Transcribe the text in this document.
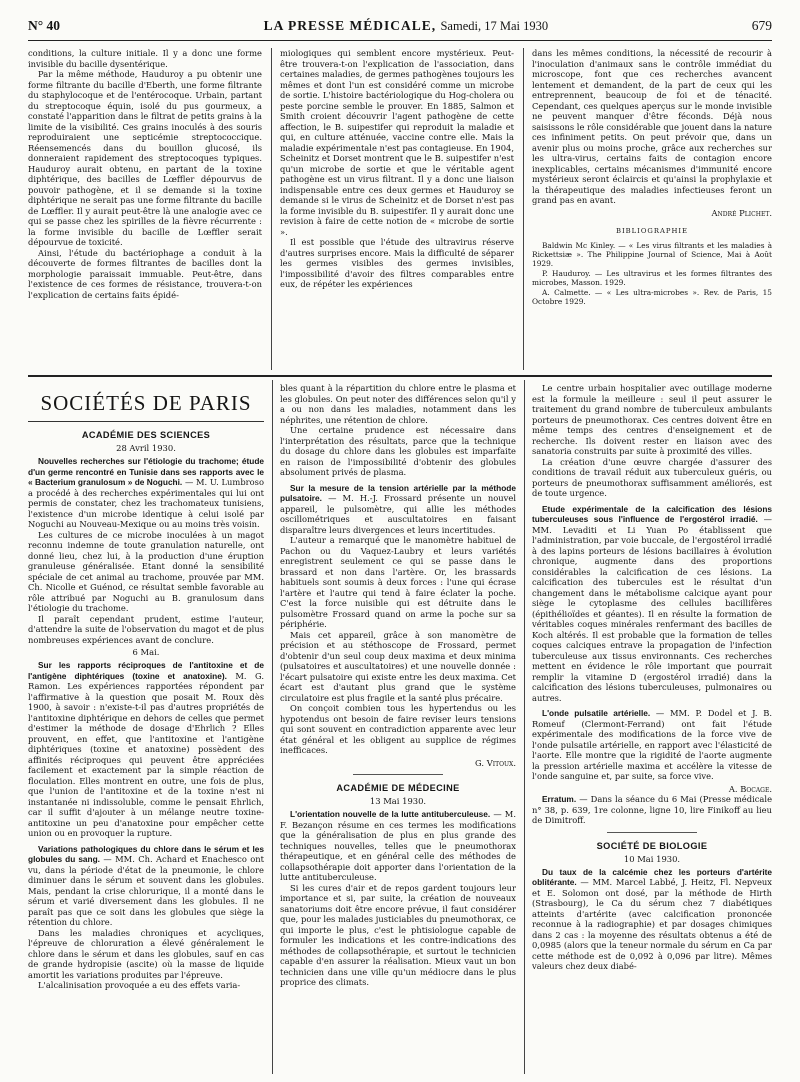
N° 40	LA PRESSE MÉDICALE, Samedi, 17 Mai 1930	679

conditions, la culture initiale. Il y a donc une forme invisible du bacille dysentérique.

Par la même méthode, Hauduroy a pu obtenir une forme filtrante du bacille d'Eberth, une forme filtrante du staphylocoque et de l'entérocoque. Urbain, partant du streptocoque équin, isolé du pus gourmeux, a constaté l'apparition dans le filtrat de petits grains à la limite de la visibilité. Ces grains inoculés à des souris reproduiraient une septicémie streptococcique. Réensemencés dans du bouillon glucosé, ils donneraient rapidement des streptocoques typiques. Hauduroy aurait obtenu, en partant de la toxine diphtérique, des bacilles de Lœffler dépourvus de pouvoir pathogène, et il se demande si la toxine diphtérique ne serait pas une forme filtrante du bacille de Lœffler. Il y aurait peut-être là une analogie avec ce qui se passe chez les spirilles de la fièvre récurrente : la forme invisible du bacille de Lœffler serait dépourvue de toxicité.

Ainsi, l'étude du bactériophage a conduit à la découverte de formes filtrantes de bacilles dont la morphologie paraissait immuable. Peut-être, dans l'existence de ces formes de résistance, trouvera-t-on l'explication de certains faits épidé-

miologiques qui semblent encore mystérieux. Peut-être trouvera-t-on l'explication de l'association, dans certaines maladies, de germes pathogènes toujours les mêmes et dont l'un est considéré comme un microbe de sortie. L'histoire bactériologique du Hog-cholera ou peste porcine semble le prouver. En 1885, Salmon et Smith croient découvrir l'agent pathogène de cette affection, le B. suipestifer qui reproduit la maladie et qui, en culture atténuée, vaccine contre elle. Mais la maladie expérimentale n'est pas contagieuse. En 1904, Scheinitz et Dorset montrent que le B. suipestifer n'est qu'un microbe de sortie et que le véritable agent pathogène est un virus filtrant. Il y a donc une liaison indispensable entre ces deux germes et Hauduroy se demande si le virus de Scheinitz et de Dorset n'est pas la forme invisible du B. suipestifer. Il y aurait donc une revision à faire de cette notion de « microbe de sortie ».

Il est possible que l'étude des ultravirus réserve d'autres surprises encore. Mais la difficulté de séparer les germes visibles des germes invisibles, l'impossibilité d'avoir des filtres comparables entre eux, de répéter les expériences

dans les mêmes conditions, la nécessité de recourir à l'inoculation d'animaux sans le contrôle immédiat du microscope, font que ces recherches avancent lentement et demandent, de la part de ceux qui les entreprennent, beaucoup de foi et de ténacité. Cependant, ces quelques aperçus sur le monde invisible ne peuvent manquer d'être féconds. Déjà nous saisissons le rôle considérable que jouent dans la nature ces infiniment petits. On peut prévoir que, dans un avenir plus ou moins proche, grâce aux recherches sur les ultra-virus, certains faits de contagion encore inexplicables, certains mécanismes d'immunité encore mystérieux seront éclaircis et qu'ainsi la prophylaxie et la thérapeutique des maladies infectieuses feront un grand pas en avant.

André Plichet.

BIBLIOGRAPHIE

Baldwin Mc Kinley. — « Les virus filtrants et les maladies à Rickettsiæ ». The Philippine Journal of Science, Mai à Août 1929.

P. Hauduroy. — Les ultravirus et les formes filtrantes des microbes, Masson. 1929.

A. Calmette. — « Les ultra-microbes ». Rev. de Paris, 15 Octobre 1929.

SOCIÉTÉS DE PARIS
ACADÉMIE DES SCIENCES
28 Avril 1930.

Nouvelles recherches sur l'étiologie du trachome; étude d'un germe rencontré en Tunisie dans ses rapports avec le « Bacterium granulosum » de Noguchi. — M. U. Lumbroso a procédé à des recherches expérimentales qui lui ont permis de constater, chez les trachomateux tunisiens, l'existence d'un microbe identique à celui isolé par Noguchi au Nouveau-Mexique ou au moins très voisin.

Les cultures de ce microbe inoculées à un magot reconnu indemne de toute granulation naturelle, ont donné lieu, chez lui, à la production d'une éruption granuleuse généralisée. Etant donné la sensibilité spéciale de cet animal au trachome, prouvée par MM. Ch. Nicolle et Guénod, ce résultat semble favorable au rôle attribué par Noguchi au B. granulosum dans l'étiologie du trachome.

Il paraît cependant prudent, estime l'auteur, d'attendre la suite de l'observation du magot et de plus nombreuses expériences avant de conclure.

6 Mai.

Sur les rapports réciproques de l'antitoxine et de l'antigène diphtériques (toxine et anatoxine). M. G. Ramon. Les expériences rapportées répondent par l'affirmative à la question que posait M. Roux dès 1900, à savoir : n'existe-t-il pas d'autres propriétés de l'antitoxine diphtérique en dehors de celles que permet d'estimer la méthode de dosage d'Ehrlich ? Elles prouvent, en effet, que l'antitoxine et l'antigène diphtériques (toxine et anatoxine) possèdent des affinités réciproques qui peuvent être appréciées facilement et exactement par la simple réaction de floculation. Elles montrent en outre, une fois de plus, que l'union de l'antitoxine et de la toxine n'est ni instantanée ni indissoluble, comme le pensait Ehrlich, car il suffit d'ajouter à un mélange neutre toxine-antitoxine un peu d'anatoxine pour empêcher cette union ou en provoquer la rupture.

Variations pathologiques du chlore dans le sérum et les globules du sang. — MM. Ch. Achard et Enachesco ont vu, dans la période d'état de la pneumonie, le chlore diminuer dans le sérum et souvent dans les globules. Mais, pendant la crise chlorurique, il a monté dans le sérum et varié diversement dans les globules. Il ne paraît pas que ce soit dans les globules que siège la rétention du chlore.

Dans les maladies chroniques et acycliques, l'épreuve de chloruration a élevé généralement le chlore dans le sérum et dans les globules, sauf en cas de grande hydropisie (ascite) où la masse de liquide amortit les variations produites par l'épreuve.

L'alcalinisation provoquée a eu des effets varia-

bles quant à la répartition du chlore entre le plasma et les globules. On peut noter des différences selon qu'il y a ou non dans les maladies, notamment dans les néphrites, une rétention de chlore.

Une certaine prudence est nécessaire dans l'interprétation des résultats, parce que la technique du dosage du chlore dans les globules est imparfaite en raison de l'impossibilité d'obtenir des globules absolument privés de plasma.

Sur la mesure de la tension artérielle par la méthode pulsatoire. — M. H.-J. Frossard présente un nouvel appareil, le pulsomètre, qui allie les méthodes oscillométriques et auscultatoires en faisant disparaître leurs divergences et leurs incertitudes.

L'auteur a remarqué que le manomètre habituel de Pachon ou du Vaquez-Laubry et leurs variétés enregistrent seulement ce qui se passe dans le brassard et non dans l'artère. Or, les brassards habituels sont soumis à deux forces : l'une qui écrase l'artère et l'autre qui tend à faire éclater la poche. C'est la force nuisible qui est détruite dans le pulsomètre Frossard quand on arme la poche sur sa périphérie.

Mais cet appareil, grâce à son manomètre de précision et au stéthoscope de Frossard, permet d'obtenir d'un seul coup deux maxima et deux minima (pulsatoires et auscultatoires) et une nouvelle donnée : l'écart pulsatoire qui existe entre les deux maxima. Cet écart est d'autant plus grand que le système circulatoire est plus fragile et la santé plus précaire.

On conçoit combien tous les hypertendus ou les hypotendus ont besoin de faire reviser leurs tensions qui sont souvent en contradiction apparente avec leur état général et les obligent au supplice de régimes inefficaces.

G. Vitoux.

ACADÉMIE DE MÉDECINE
13 Mai 1930.

L'orientation nouvelle de la lutte antituberculeuse. — M. F. Bezançon résume en ces termes les modifications que la généralisation de plus en plus grande des techniques nouvelles, telles que le pneumothorax thérapeutique, et en général celle des méthodes de collapsothérapie doit apporter dans l'orientation de la lutte antituberculeuse.

Si les cures d'air et de repos gardent toujours leur importance et si, par suite, la création de nouveaux sanatoriums doit être encore prévue, il faut considérer que, pour les malades justiciables du pneumothorax, ce qui importe le plus, c'est le phtisiologue capable de formuler les indications et les contre-indications des méthodes de collapsothérapie, et surtout le technicien capable d'en assurer la réalisation. Mieux vaut un bon technicien dans une ville qu'un médiocre dans le plus proprice des climats.

Le centre urbain hospitalier avec outillage moderne est la formule la meilleure : seul il peut assurer le traitement du grand nombre de tuberculeux ambulants porteurs de pneumothorax. Ces centres doivent être en même temps des centres d'enseignement et de recherche. Ils doivent rester en liaison avec des sanatoria construits par suite à proximité des villes.

La création d'une œuvre chargée d'assurer des conditions de travail réduit aux tuberculeux guéris, ou porteurs de pneumothorax suffisamment améliorés, est de toute urgence.

Etude expérimentale de la calcification des lésions tuberculeuses sous l'influence de l'ergostérol irradié. — MM. Levaditi et Li Yuan Po établissent que l'administration, par voie buccale, de l'ergostérol irradié à des lapins porteurs de lésions bacillaires à évolution chronique, augmente dans des proportions considérables la calcification de ces lésions. La calcification des tubercules est le résultat d'un changement dans le métabolisme calcique ayant pour siège le cytoplasme des cellules bacillifères (épithélioïdes et géantes). Il en résulte la formation de véritables coques minérales renfermant des bacilles de Koch altérés. Il est probable que la formation de telles coques calciques entrave la propagation de l'infection tuberculeuse aux tissus environnants. Ces recherches mettent en évidence le rôle important que pourrait remplir la vitamine D (ergostérol irradié) dans la calcification des lésions tuberculeuses, pulmonaires ou autres.

L'onde pulsatile artérielle. — MM. P. Dodel et J. B. Romeuf (Clermont-Ferrand) ont fait l'étude expérimentale des modifications de la force vive de l'onde pulsatile artérielle, en rapport avec l'élasticité de l'aorte. Elle montre que la rigidité de l'aorte augmente la pression artérielle maxima et accélère la vitesse de l'onde sanguine et, par suite, sa force vive.

A. Bocage.

Erratum. — Dans la séance du 6 Mai (Presse médicale n° 38, p. 639, 1re colonne, ligne 10, lire Finikoff au lieu de Dimitroff.

SOCIÉTÉ DE BIOLOGIE
10 Mai 1930.

Du taux de la calcémie chez les porteurs d'artérite oblitérante. — MM. Marcel Labbé, J. Heitz, Fl. Nepveux et E. Solomon ont dosé, par la méthode de Hirth (Strasbourg), le Ca du sérum chez 7 diabétiques atteints d'artérite (avec calcification prononcée reconnue à la radiographie) et par dosages chimiques dans 2 cas : la moyenne des résultats obtenus a été de 0,0985 (alors que la teneur normale du sérum en Ca par cette méthode est de 0,092 à 0,096 par litre). Mêmes valeurs chez deux diabé-
